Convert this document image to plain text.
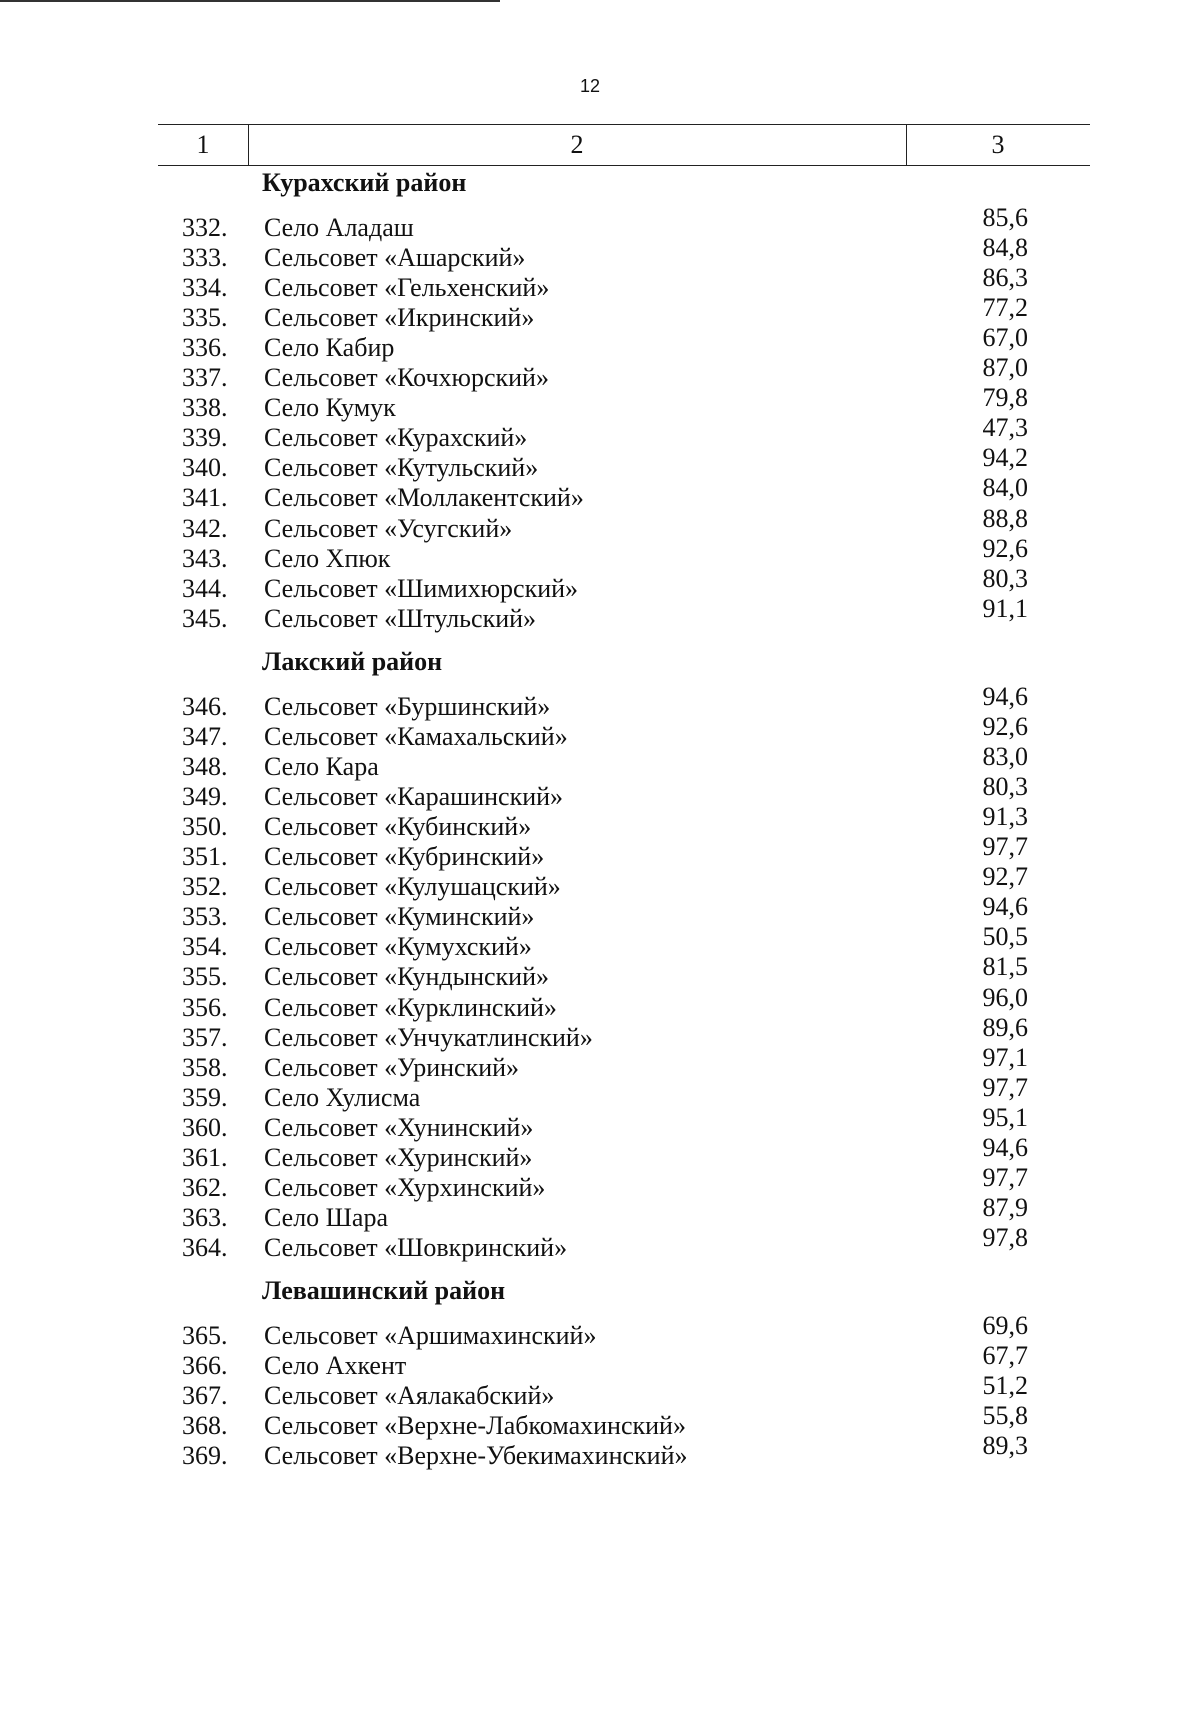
12
1	2	3
Курахский район
332.	Село Аладаш	85,6
333.	Сельсовет «Ашарский»	84,8
334.	Сельсовет «Гельхенский»	86,3
335.	Сельсовет «Икринский»	77,2
336.	Село Кабир	67,0
337.	Сельсовет «Кочхюрский»	87,0
338.	Село Кумук	79,8
339.	Сельсовет «Курахский»	47,3
340.	Сельсовет «Кутульский»	94,2
341.	Сельсовет «Моллакентский»	84,0
342.	Сельсовет «Усугский»	88,8
343.	Село Хпюк	92,6
344.	Сельсовет «Шимихюрский»	80,3
345.	Сельсовет «Штульский»	91,1
Лакский район
346.	Сельсовет «Буршинский»	94,6
347.	Сельсовет «Камахальский»	92,6
348.	Село Кара	83,0
349.	Сельсовет «Карашинский»	80,3
350.	Сельсовет «Кубинский»	91,3
351.	Сельсовет «Кубринский»	97,7
352.	Сельсовет «Кулушацский»	92,7
353.	Сельсовет «Куминский»	94,6
354.	Сельсовет «Кумухский»	50,5
355.	Сельсовет «Кундынский»	81,5
356.	Сельсовет «Курклинский»	96,0
357.	Сельсовет «Унчукатлинский»	89,6
358.	Сельсовет «Уринский»	97,1
359.	Село Хулисма	97,7
360.	Сельсовет «Хунинский»	95,1
361.	Сельсовет «Хуринский»	94,6
362.	Сельсовет «Хурхинский»	97,7
363.	Село Шара	87,9
364.	Сельсовет «Шовкринский»	97,8
Левашинский район
365.	Сельсовет «Аршимахинский»	69,6
366.	Село Ахкент	67,7
367.	Сельсовет «Аялакабский»	51,2
368.	Сельсовет «Верхне-Лабкомахинский»	55,8
369.	Сельсовет «Верхне-Убекимахинский»	89,3
